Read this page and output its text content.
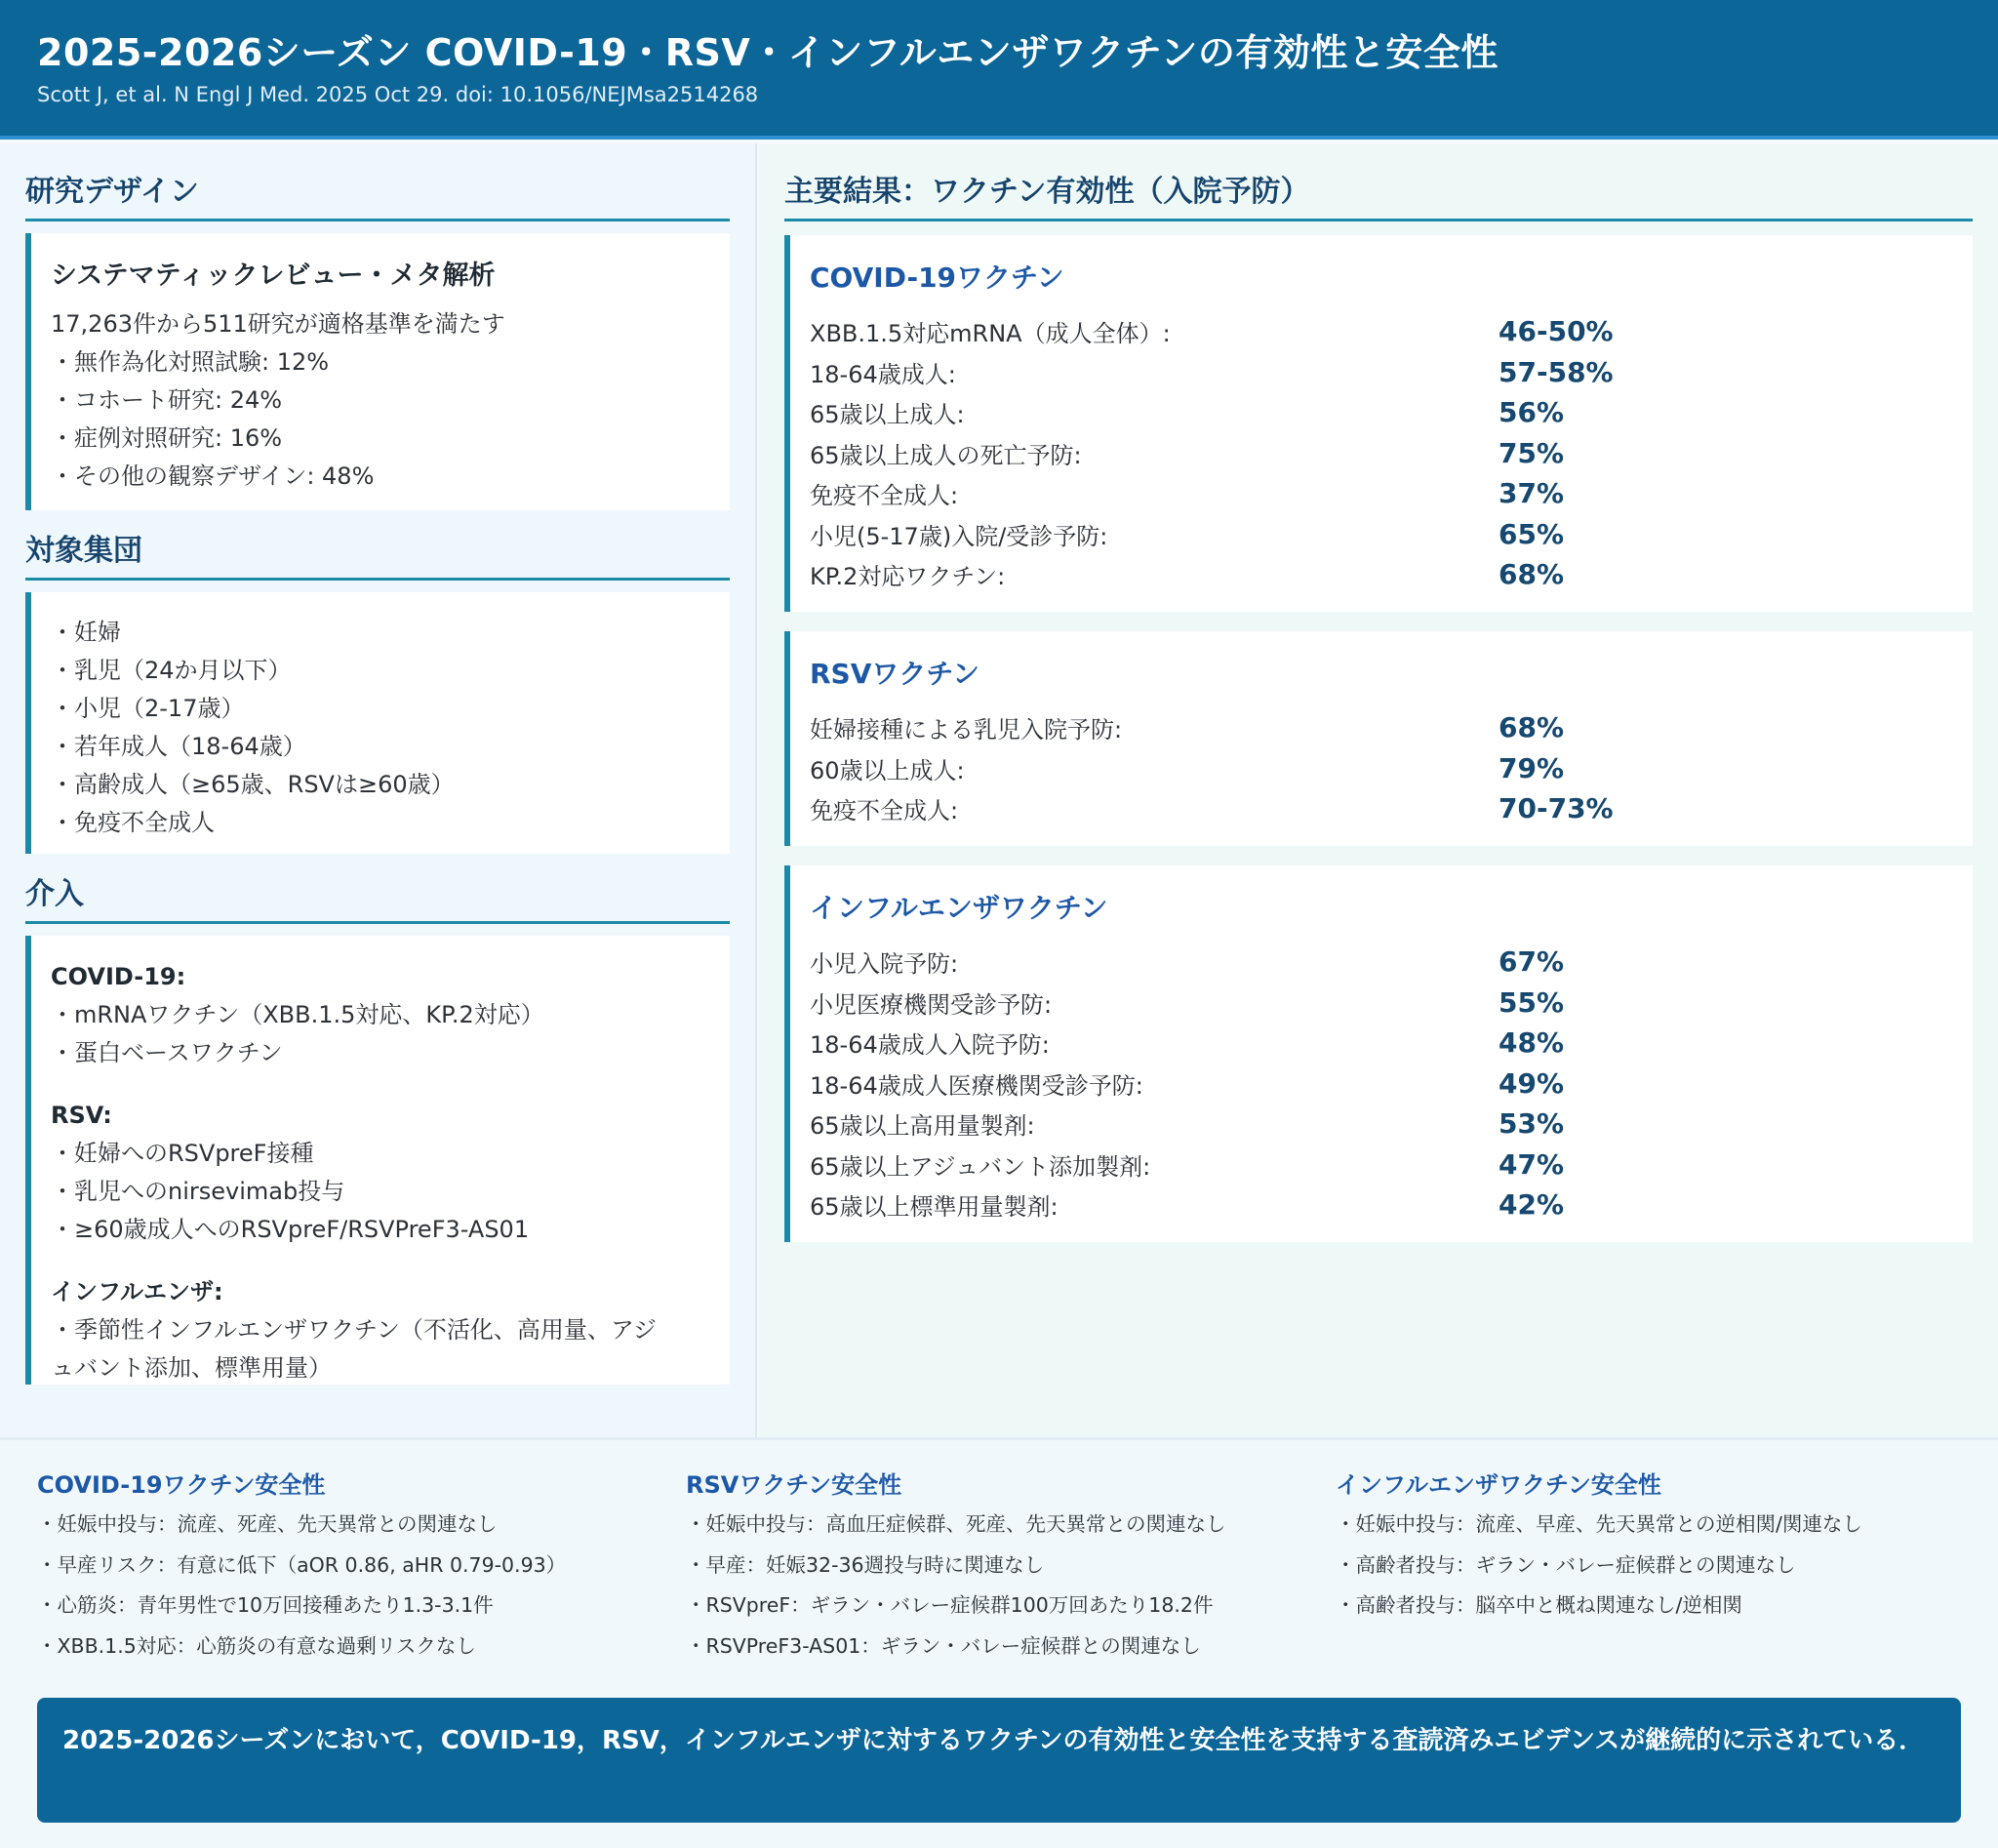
2025-2026シーズン COVID-19・RSV・インフルエンザワクチンの有効性と安全性
Scott J, et al. N Engl J Med. 2025 Oct 29. doi: 10.1056/NEJMsa2514268
研究デザイン
システマティックレビュー・メタ解析
17,263件から511研究が適格基準を満たす
・無作為化対照試験: 12%
・コホート研究: 24%
・症例対照研究: 16%
・その他の観察デザイン: 48%
対象集団
・妊婦
・乳児（24か月以下）
・小児（2-17歳）
・若年成人（18-64歳）
・高齢成人（≥65歳、RSVは≥60歳）
・免疫不全成人
介入
COVID-19:
・mRNAワクチン（XBB.1.5対応、KP.2対応）
・蛋白ベースワクチン
RSV:
・妊婦へのRSVpreF接種
・乳児へのnirsevimab投与
・≥60歳成人へのRSVpreF/RSVPreF3-AS01
インフルエンザ:
・季節性インフルエンザワクチン（不活化、高用量、アジ
ュバント添加、標準用量）
主要結果：ワクチン有効性（入院予防）
COVID-19ワクチン
XBB.1.5対応mRNA（成人全体）:	46-50%
18-64歳成人:	57-58%
65歳以上成人:	56%
65歳以上成人の死亡予防:	75%
免疫不全成人:	37%
小児(5-17歳)入院/受診予防:	65%
KP.2対応ワクチン:	68%
RSVワクチン
妊婦接種による乳児入院予防:	68%
60歳以上成人:	79%
免疫不全成人:	70-73%
インフルエンザワクチン
小児入院予防:	67%
小児医療機関受診予防:	55%
18-64歳成人入院予防:	48%
18-64歳成人医療機関受診予防:	49%
65歳以上高用量製剤:	53%
65歳以上アジュバント添加製剤:	47%
65歳以上標準用量製剤:	42%
COVID-19ワクチン安全性
・妊娠中投与：流産、死産、先天異常との関連なし
・早産リスク：有意に低下（aOR 0.86, aHR 0.79-0.93）
・心筋炎：青年男性で10万回接種あたり1.3-3.1件
・XBB.1.5対応：心筋炎の有意な過剰リスクなし
RSVワクチン安全性
・妊娠中投与：高血圧症候群、死産、先天異常との関連なし
・早産：妊娠32-36週投与時に関連なし
・RSVpreF：ギラン・バレー症候群100万回あたり18.2件
・RSVPreF3-AS01：ギラン・バレー症候群との関連なし
インフルエンザワクチン安全性
・妊娠中投与：流産、早産、先天異常との逆相関/関連なし
・高齢者投与：ギラン・バレー症候群との関連なし
・高齢者投与：脳卒中と概ね関連なし/逆相関
2025-2026シーズンにおいて，COVID-19，RSV，インフルエンザに対するワクチンの有効性と安全性を支持する査読済みエビデンスが継続的に示されている．
